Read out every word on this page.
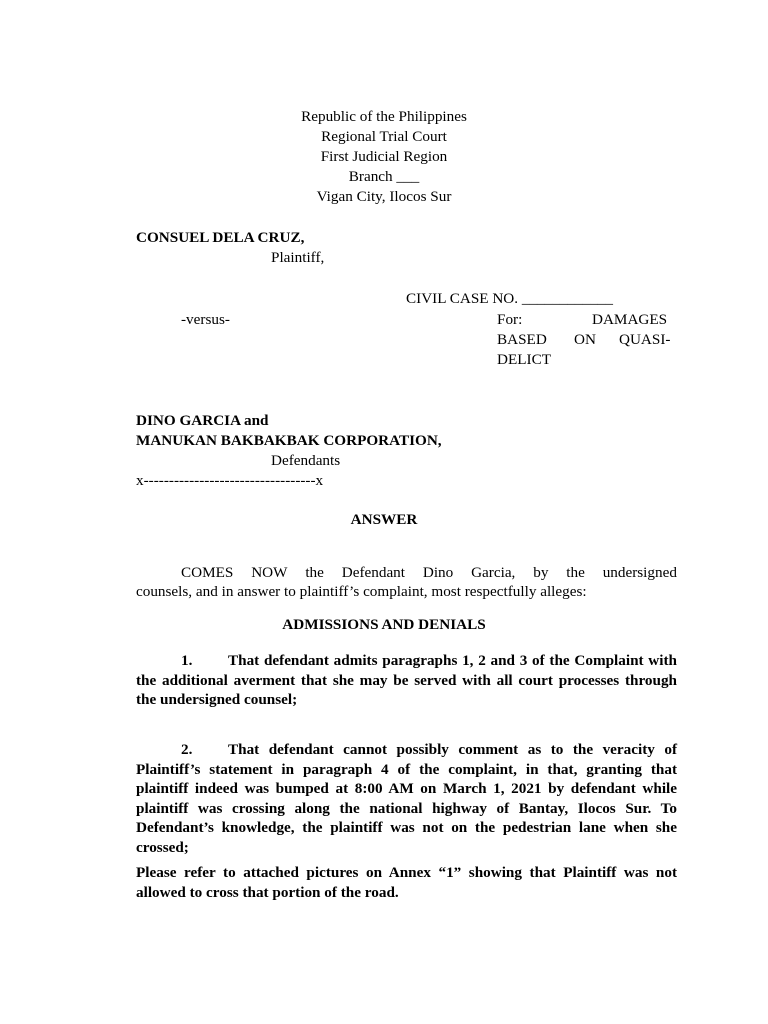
Republic of the Philippines
Regional Trial Court
First Judicial Region
Branch ___
Vigan City, Ilocos Sur
CONSUEL DELA CRUZ,
Plaintiff,
CIVIL CASE NO. ____________
-versus-	For:	DAMAGES
BASED ON QUASI-
DELICT
DINO GARCIA and
MANUKAN BAKBAKBAK CORPORATION,
Defendants
x----------------------------------x
ANSWER
COMES NOW the Defendant Dino Garcia, by the undersigned
counsels, and in answer to plaintiff’s complaint, most respectfully alleges:
ADMISSIONS AND DENIALS
1. That defendant admits paragraphs 1, 2 and 3 of the Complaint with the additional averment that she may be served with all court processes through the undersigned counsel;
2. That defendant cannot possibly comment as to the veracity of Plaintiff’s statement in paragraph 4 of the complaint, in that, granting that plaintiff indeed was bumped at 8:00 AM on March 1, 2021 by defendant while plaintiff was crossing along the national highway of Bantay, Ilocos Sur. To Defendant’s knowledge, the plaintiff was not on the pedestrian lane when she crossed;
Please refer to attached pictures on Annex “1” showing that Plaintiff was not allowed to cross that portion of the road.
